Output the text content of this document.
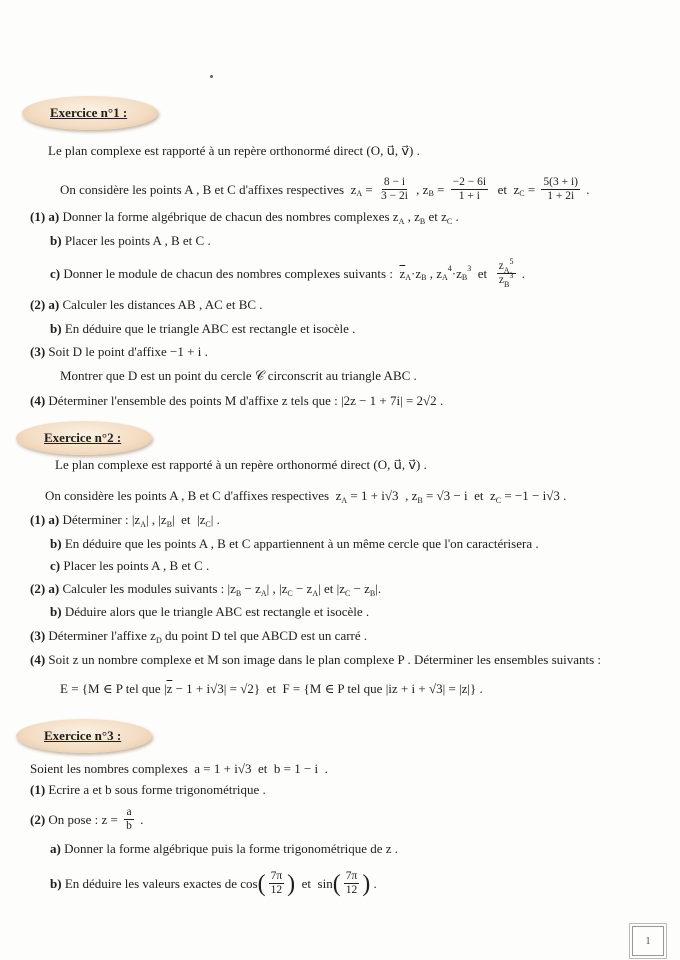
Exercice n°1 :
Le plan complexe est rapporté à un repère orthonormé direct (O, u⃗, v⃗) .
On considère les points A , B et C d'affixes respectives z $A = \frac{8 - i}{3 - 2i}$ , z $B = \frac{-2 - 6i}{1 + i}$ et z $C = \frac{5(3 + i)}{1 + 2i}$ .
(1) a) Donner la forme algébrique de chacun des nombres complexes z A , z B et z C .
b) Placer les points A , B et C .
c) Donner le module de chacun des nombres complexes suivants : $\overline{z}$ A ·z B , z A
4 ·z B
3 et $\frac{z_A^5}{z_B^3}$ .
(2) a) Calculer les distances AB , AC et BC .
b) En déduire que le triangle ABC est rectangle et isocèle .
(3) Soit D le point d'affixe −1 + i .
Montrer que D est un point du cercle 𝒞 circonscrit au triangle ABC .
(4) Déterminer l'ensemble des points M d'affixe z tels que : |2z − 1 + 7i| = 2√2 .
Exercice n°2 :
Le plan complexe est rapporté à un repère orthonormé direct (O, u⃗, v⃗) .
On considère les points A , B et C d'affixes respectives z A = 1 + i√3 , z B = √3 − i et z C = −1 − i√3 .
(1) a) Déterminer : |z A | , |z B | et |z C | .
b) En déduire que les points A , B et C appartiennent à un même cercle que l'on caractérisera .
c) Placer les points A , B et C .
(2) a) Calculer les modules suivants : |z B − z A | , |z C − z A | et |z C − z B | .
b) Déduire alors que le triangle ABC est rectangle et isocèle .
(3) Déterminer l'affixe z D du point D tel que ABCD est un carré .
(4) Soit z un nombre complexe et M son image dans le plan complexe P . Déterminer les ensembles suivants :
E = {M ∈ P tel que | $\overline{z} - 1 + i√3| = √2$} et F = {M ∈ P tel que |iz + i + √3| = |z|} .
Exercice n°3 :
Soient les nombres complexes a = 1 + i√3 et b = 1 − i .
(1) Ecrire a et b sous forme trigonométrique .
(2) On pose : $z = \frac{a}{b}$ .
a) Donner la forme algébrique puis la forme trigonométrique de z .
b) En déduire les valeurs exactes de cos ( $\frac{7\pi}{12}$ ) et sin ( $\frac{7\pi}{12}$ ) .
1
